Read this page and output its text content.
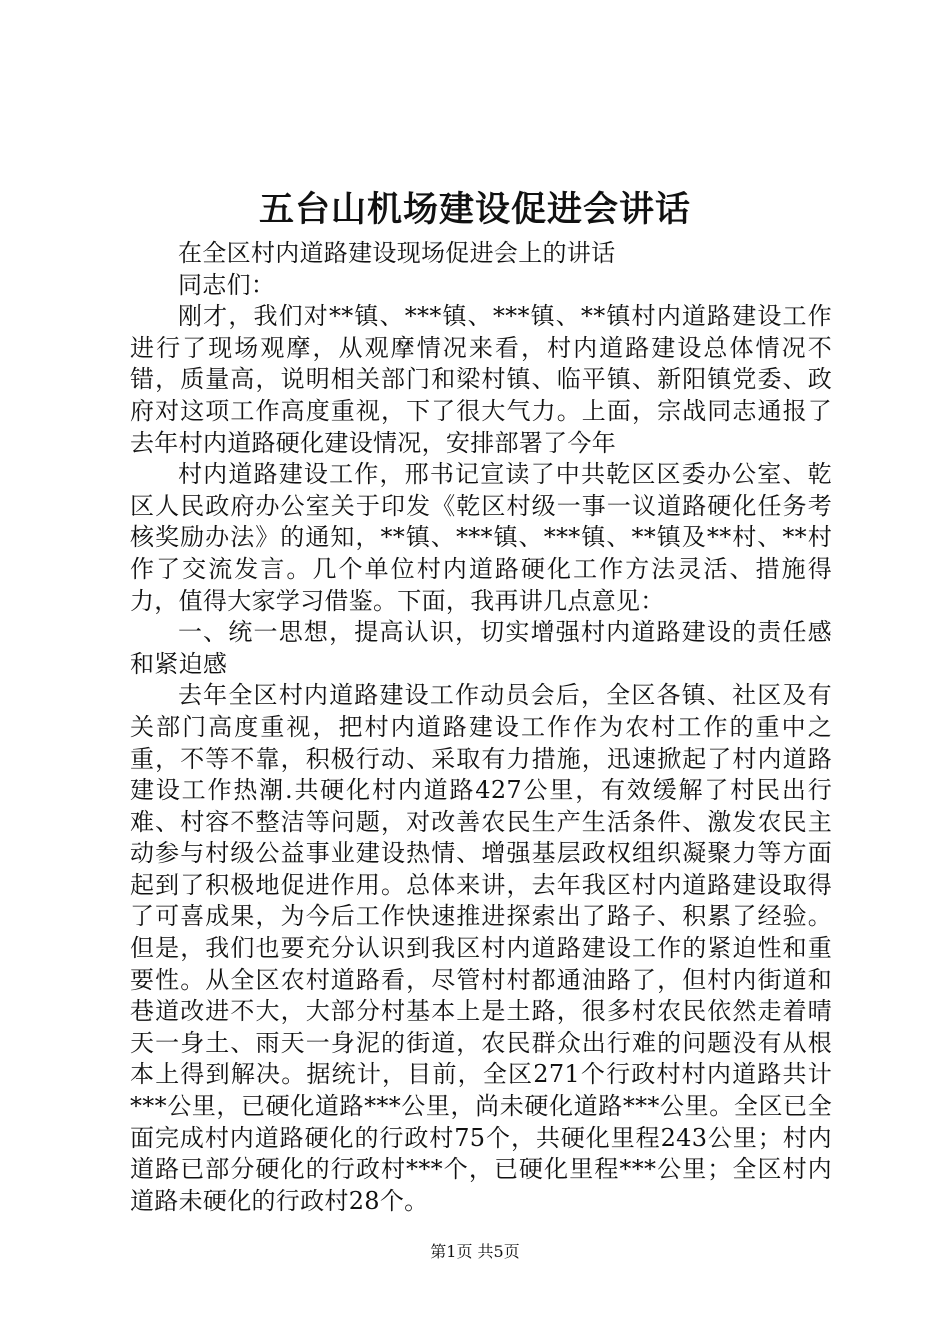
五台山机场建设促进会讲话

在全区村内道路建设现场促进会上的讲话

同志们：

刚才，我们对**镇、***镇、***镇、**镇村内道路建设工作进行了现场观摩，从观摩情况来看，村内道路建设总体情况不错，质量高，说明相关部门和梁村镇、临平镇、新阳镇党委、政府对这项工作高度重视，下了很大气力。上面，宗战同志通报了去年村内道路硬化建设情况，安排部署了今年

村内道路建设工作，邢书记宣读了中共乾区区委办公室、乾区人民政府办公室关于印发《乾区村级一事一议道路硬化任务考核奖励办法》的通知，**镇、***镇、***镇、**镇及**村、**村作了交流发言。几个单位村内道路硬化工作方法灵活、措施得力，值得大家学习借鉴。下面，我再讲几点意见：

一、统一思想，提高认识，切实增强村内道路建设的责任感和紧迫感

去年全区村内道路建设工作动员会后，全区各镇、社区及有关部门高度重视，把村内道路建设工作作为农村工作的重中之重，不等不靠，积极行动、采取有力措施，迅速掀起了村内道路建设工作热潮.共硬化村内道路427公里，有效缓解了村民出行难、村容不整洁等问题，对改善农民生产生活条件、激发农民主动参与村级公益事业建设热情、增强基层政权组织凝聚力等方面起到了积极地促进作用。总体来讲，去年我区村内道路建设取得了可喜成果，为今后工作快速推进探索出了路子、积累了经验。但是，我们也要充分认识到我区村内道路建设工作的紧迫性和重要性。从全区农村道路看，尽管村村都通油路了，但村内街道和巷道改进不大，大部分村基本上是土路，很多村农民依然走着晴天一身土、雨天一身泥的街道，农民群众出行难的问题没有从根本上得到解决。据统计，目前，全区271个行政村村内道路共计***公里，已硬化道路***公里，尚未硬化道路***公里。全区已全面完成村内道路硬化的行政村75个，共硬化里程243公里；村内道路已部分硬化的行政村***个，已硬化里程***公里；全区村内道路未硬化的行政村28个。

第1页 共5页
